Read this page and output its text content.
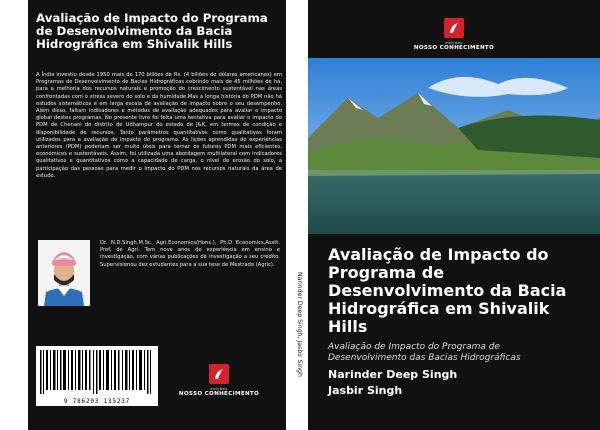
Avaliação de Impacto do Programa de Desenvolvimento da Bacia Hidrográfica em Shivalik Hills
A Índia investiu desde 1950 mais de 170 biliões de Rs. (4 biliões de dólares americanos) em Programas de Desenvolvimento de Bacias Hidrográficas cobrindo mais de 45 milhões de ha, para a melhoria dos recursos naturais e promoção do crescimento sustentável nas áreas confrontadas com o stress severo do solo e da humidade.Mas a longa história do PDM não há estudos sistemáticos e em larga escala de avaliação de impacto sobre o seu desempenho. Além disso, faltam indicadores e métodos de avaliação adequados para avaliar o impacto global destes programas. No presente livro foi feita uma tentativa para avaliar o impacto do PDM de Chenani do distrito de Udhampur do estado de J&K, em termos de condição e disponibilidade de recursos. Tanto parâmetros quantitativos como qualitativos foram utilizados para a avaliação do impacto do programa. As lições aprendidas de experiências anteriores (PDM) poderiam ser muito úteis para tornar os futuros PDM mais eficientes, económicos e sustentáveis. Assim, foi utilizada uma abordagem multilateral com indicadores qualitativos e quantitativos como a capacidade de carga, o nível de erosão do solo, a participação das pessoas para medir o impacto do PDM nos recursos naturais da área de estudo.
Dr. N.D.Singh,M.Sc. Agri.Economics(Hons.), Ph.D Economics,Asstt. Prof. de Agri. Tem nove anos de experiência em ensino e investigação, com várias publicações de investigação a seu crédito. Supervisionou dez estudantes para a sua tese de Mestrado (Agric).
9 786203 135237
edições
NOSSO CONHECIMENTO
Narinder Deep Singh, Jasbir Singh
edições
NOSSO CONHECIMENTO
Avaliação de Impacto do Programa de Desenvolvimento da Bacia Hidrográfica em Shivalik Hills
Avaliação de Impacto do Programa de Desenvolvimento das Bacias Hidrográficas
Narinder Deep Singh
Jasbir Singh
